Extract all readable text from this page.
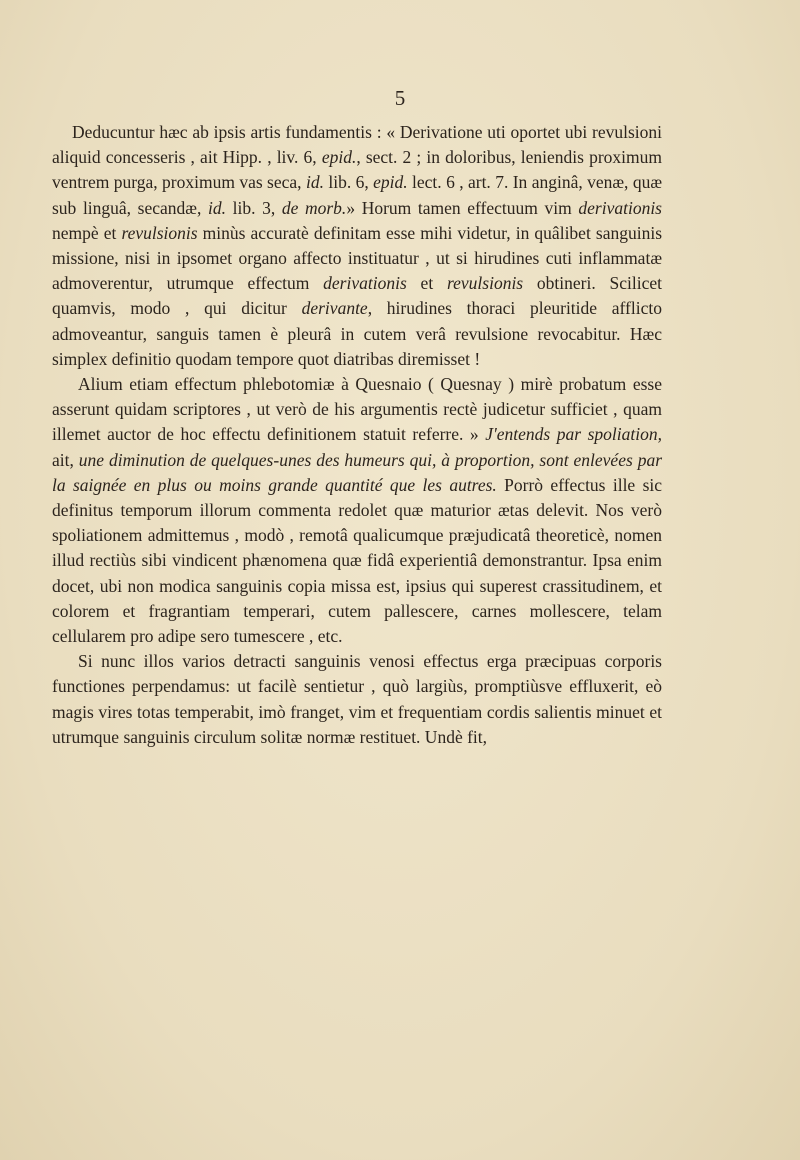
5

Deducuntur hæc ab ipsis artis fundamentis : « Derivatione uti oportet ubi revulsioni aliquid concesseris , ait Hipp. , liv. 6, epid., sect. 2 ; in doloribus, leniendis proximum ventrem purga, proximum vas seca, id. lib. 6, epid. lect. 6 , art. 7. In anginâ, venæ, quæ sub linguâ, secandæ, id. lib. 3, de morb.» Horum tamen effectuum vim derivationis nempè et revulsionis minùs accuratè definitam esse mihi videtur, in quâlibet sanguinis missione, nisi in ipsomet organo affecto instituatur , ut si hirudines cuti inflammatæ admoverentur, utrumque effectum derivationis et revulsionis obtineri. Scilicet quamvis, modo , qui dicitur derivante, hirudines thoraci pleuritide afflicto admoveantur, sanguis tamen è pleurâ in cutem verâ revulsione revocabitur. Hæc simplex definitio quodam tempore quot diatribas diremisset !

Alium etiam effectum phlebotomiæ à Quesnaio ( Quesnay ) mirè probatum esse asserunt quidam scriptores , ut verò de his argumentis rectè judicetur sufficiet , quam illemet auctor de hoc effectu definitionem statuit referre. » J'entends par spoliation, ait, une diminution de quelques-unes des humeurs qui, à proportion, sont enlevées par la saignée en plus ou moins grande quantité que les autres. Porrò effectus ille sic definitus temporum illorum commenta redolet quæ maturior ætas delevit. Nos verò spoliationem admittemus , modò , remotâ qualicumque præjudicatâ theoreticè, nomen illud rectiùs sibi vindicent phænomena quæ fidâ experientiâ demonstrantur. Ipsa enim docet, ubi non modica sanguinis copia missa est, ipsius qui superest crassitudinem, et colorem et fragrantiam temperari, cutem pallescere, carnes mollescere, telam cellularem pro adipe sero tumescere , etc.

Si nunc illos varios detracti sanguinis venosi effectus erga præcipuas corporis functiones perpendamus: ut facilè sentietur , quò largiùs, promptiùsve effluxerit, eò magis vires totas temperabit, imò franget, vim et frequentiam cordis salientis minuet et utrumque sanguinis circulum solitæ normæ restituet. Undè fit,
